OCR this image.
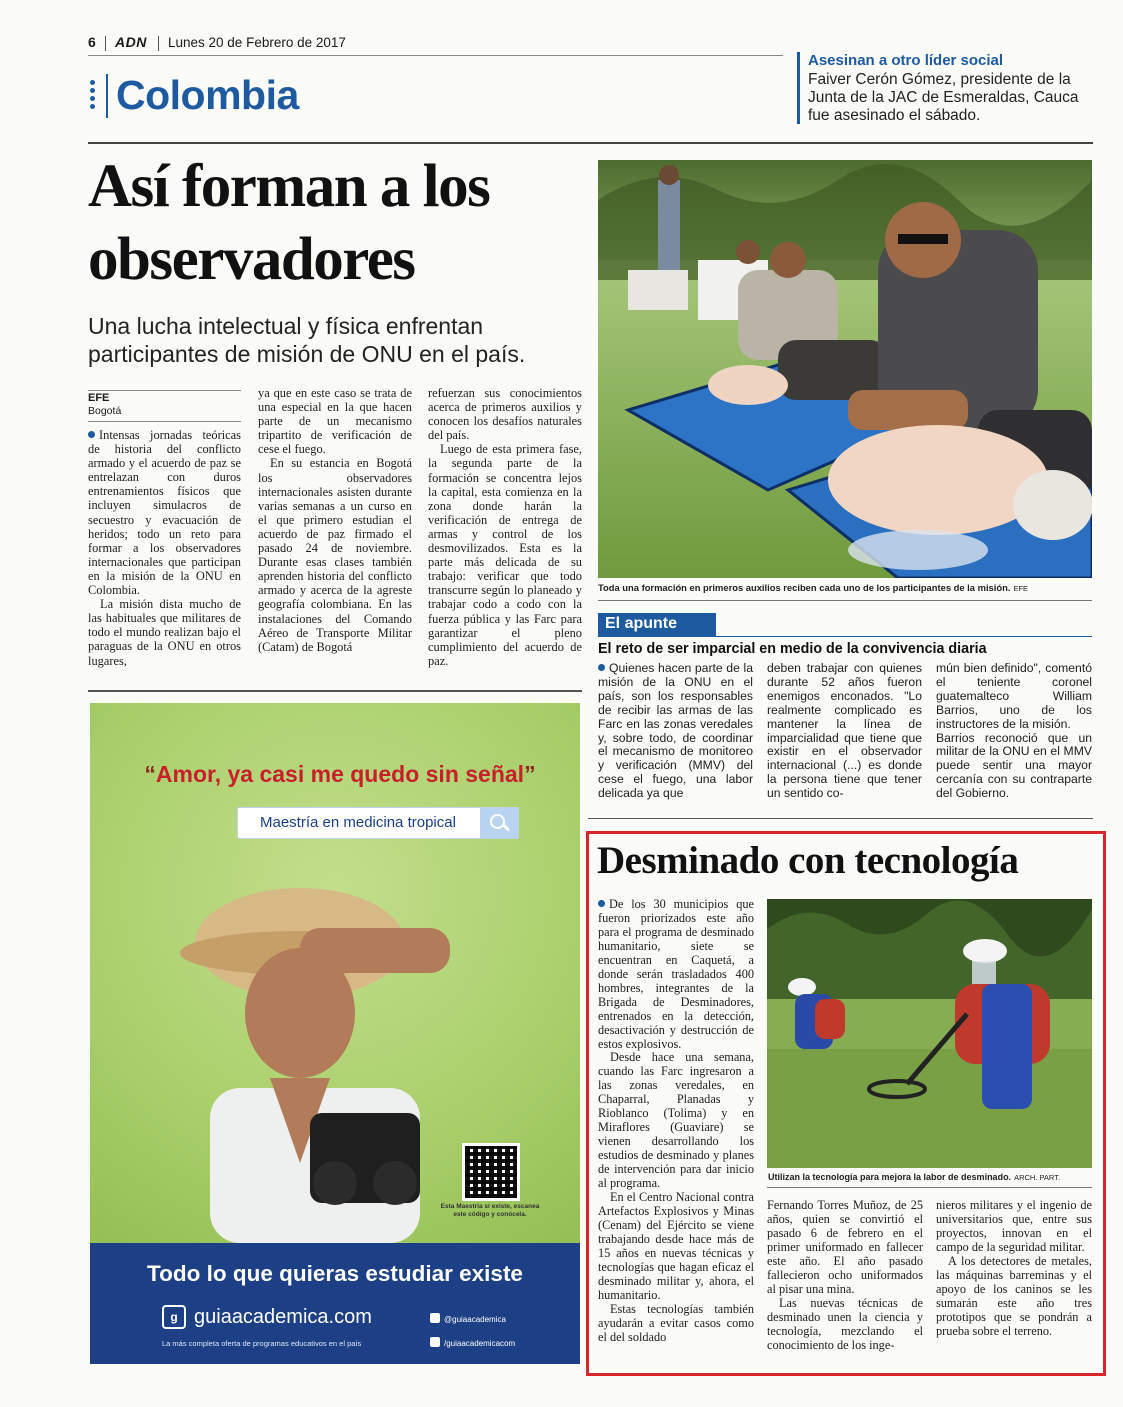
6 ADN Lunes 20 de Febrero de 2017
Colombia
Asesinan a otro líder social
Faiver Cerón Gómez, presidente de la Junta de la JAC de Esmeraldas, Cauca fue asesinado el sábado.
Así forman a los observadores
Una lucha intelectual y física enfrentan participantes de misión de ONU en el país.
EFE
Bogotá

Intensas jornadas teóricas de historia del conflicto armado y el acuerdo de paz se entrelazan con duros entrenamientos físicos que incluyen simulacros de secuestro y evacuación de heridos; todo un reto para formar a los observadores internacionales que participan en la misión de la ONU en Colombia.

La misión dista mucho de las habituales que militares de todo el mundo realizan bajo el paraguas de la ONU en otros lugares,

ya que en este caso se trata de una especial en la que hacen parte de un mecanismo tripartito de verificación de cese el fuego.

En su estancia en Bogotá los observadores internacionales asisten durante varias semanas a un curso en el que primero estudian el acuerdo de paz firmado el pasado 24 de noviembre. Durante esas clases también aprenden historia del conflicto armado y acerca de la agreste geografía colombiana. En las instalaciones del Comando Aéreo de Transporte Militar (Catam) de Bogotá

refuerzan sus conocimientos acerca de primeros auxilios y conocen los desafíos naturales del país.

Luego de esta primera fase, la segunda parte de la formación se concentra lejos la capital, esta comienza en la zona donde harán la verificación de entrega de armas y control de los desmovilizados. Esta es la parte más delicada de su trabajo: verificar que todo transcurre según lo planeado y trabajar codo a codo con la fuerza pública y las Farc para garantizar el pleno cumplimiento del acuerdo de paz.

Toda una formación en primeros auxilios reciben cada uno de los participantes de la misión. EFE
El apunte
El reto de ser imparcial en medio de la convivencia diaria

Quienes hacen parte de la misión de la ONU en el país, son los responsables de recibir las armas de las Farc en las zonas veredales y, sobre todo, de coordinar el mecanismo de monitoreo y verificación (MMV) del cese el fuego, una labor delicada ya que

deben trabajar con quienes durante 52 años fueron enemigos enconados. "Lo realmente complicado es mantener la línea de imparcialidad que tiene que existir en el observador internacional (...) es donde la persona tiene que tener un sentido co-

mún bien definido", comentó el teniente coronel guatemalteco William Barrios, uno de los instructores de la misión.

Barrios reconoció que un militar de la ONU en el MMV puede sentir una mayor cercanía con su contraparte del Gobierno.

“Amor, ya casi me quedo sin señal”
Maestría en medicina tropical
Esta Maestría sí existe, escanea este código y conócela.
Todo lo que quieras estudiar existe
g guiaacademica.com
La más completa oferta de programas educativos en el país
@guiaacademica
/guiaacademicacom
Desminado con tecnología

De los 30 municipios que fueron priorizados este año para el programa de desminado humanitario, siete se encuentran en Caquetá, a donde serán trasladados 400 hombres, integrantes de la Brigada de Desminadores, entrenados en la detección, desactivación y destrucción de estos explosivos.

Desde hace una semana, cuando las Farc ingresaron a las zonas veredales, en Chaparral, Planadas y Rioblanco (Tolima) y en Miraflores (Guaviare) se vienen desarrollando los estudios de desminado y planes de intervención para dar inicio al programa.

En el Centro Nacional contra Artefactos Explosivos y Minas (Cenam) del Ejército se viene trabajando desde hace más de 15 años en nuevas técnicas y tecnologías que hagan eficaz el desminado militar y, ahora, el humanitario.

Estas tecnologías también ayudarán a evitar casos como el del soldado

Utilizan la tecnología para mejora la labor de desminado. ARCH. PART.

Fernando Torres Muñoz, de 25 años, quien se convirtió el pasado 6 de febrero en el primer uniformado en fallecer este año. El año pasado fallecieron ocho uniformados al pisar una mina.

Las nuevas técnicas de desminado unen la ciencia y tecnología, mezclando el conocimiento de los inge-

nieros militares y el ingenio de universitarios que, entre sus proyectos, innovan en el campo de la seguridad militar.

A los detectores de metales, las máquinas barreminas y el apoyo de los caninos se les sumarán este año tres prototipos que se pondrán a prueba sobre el terreno.
